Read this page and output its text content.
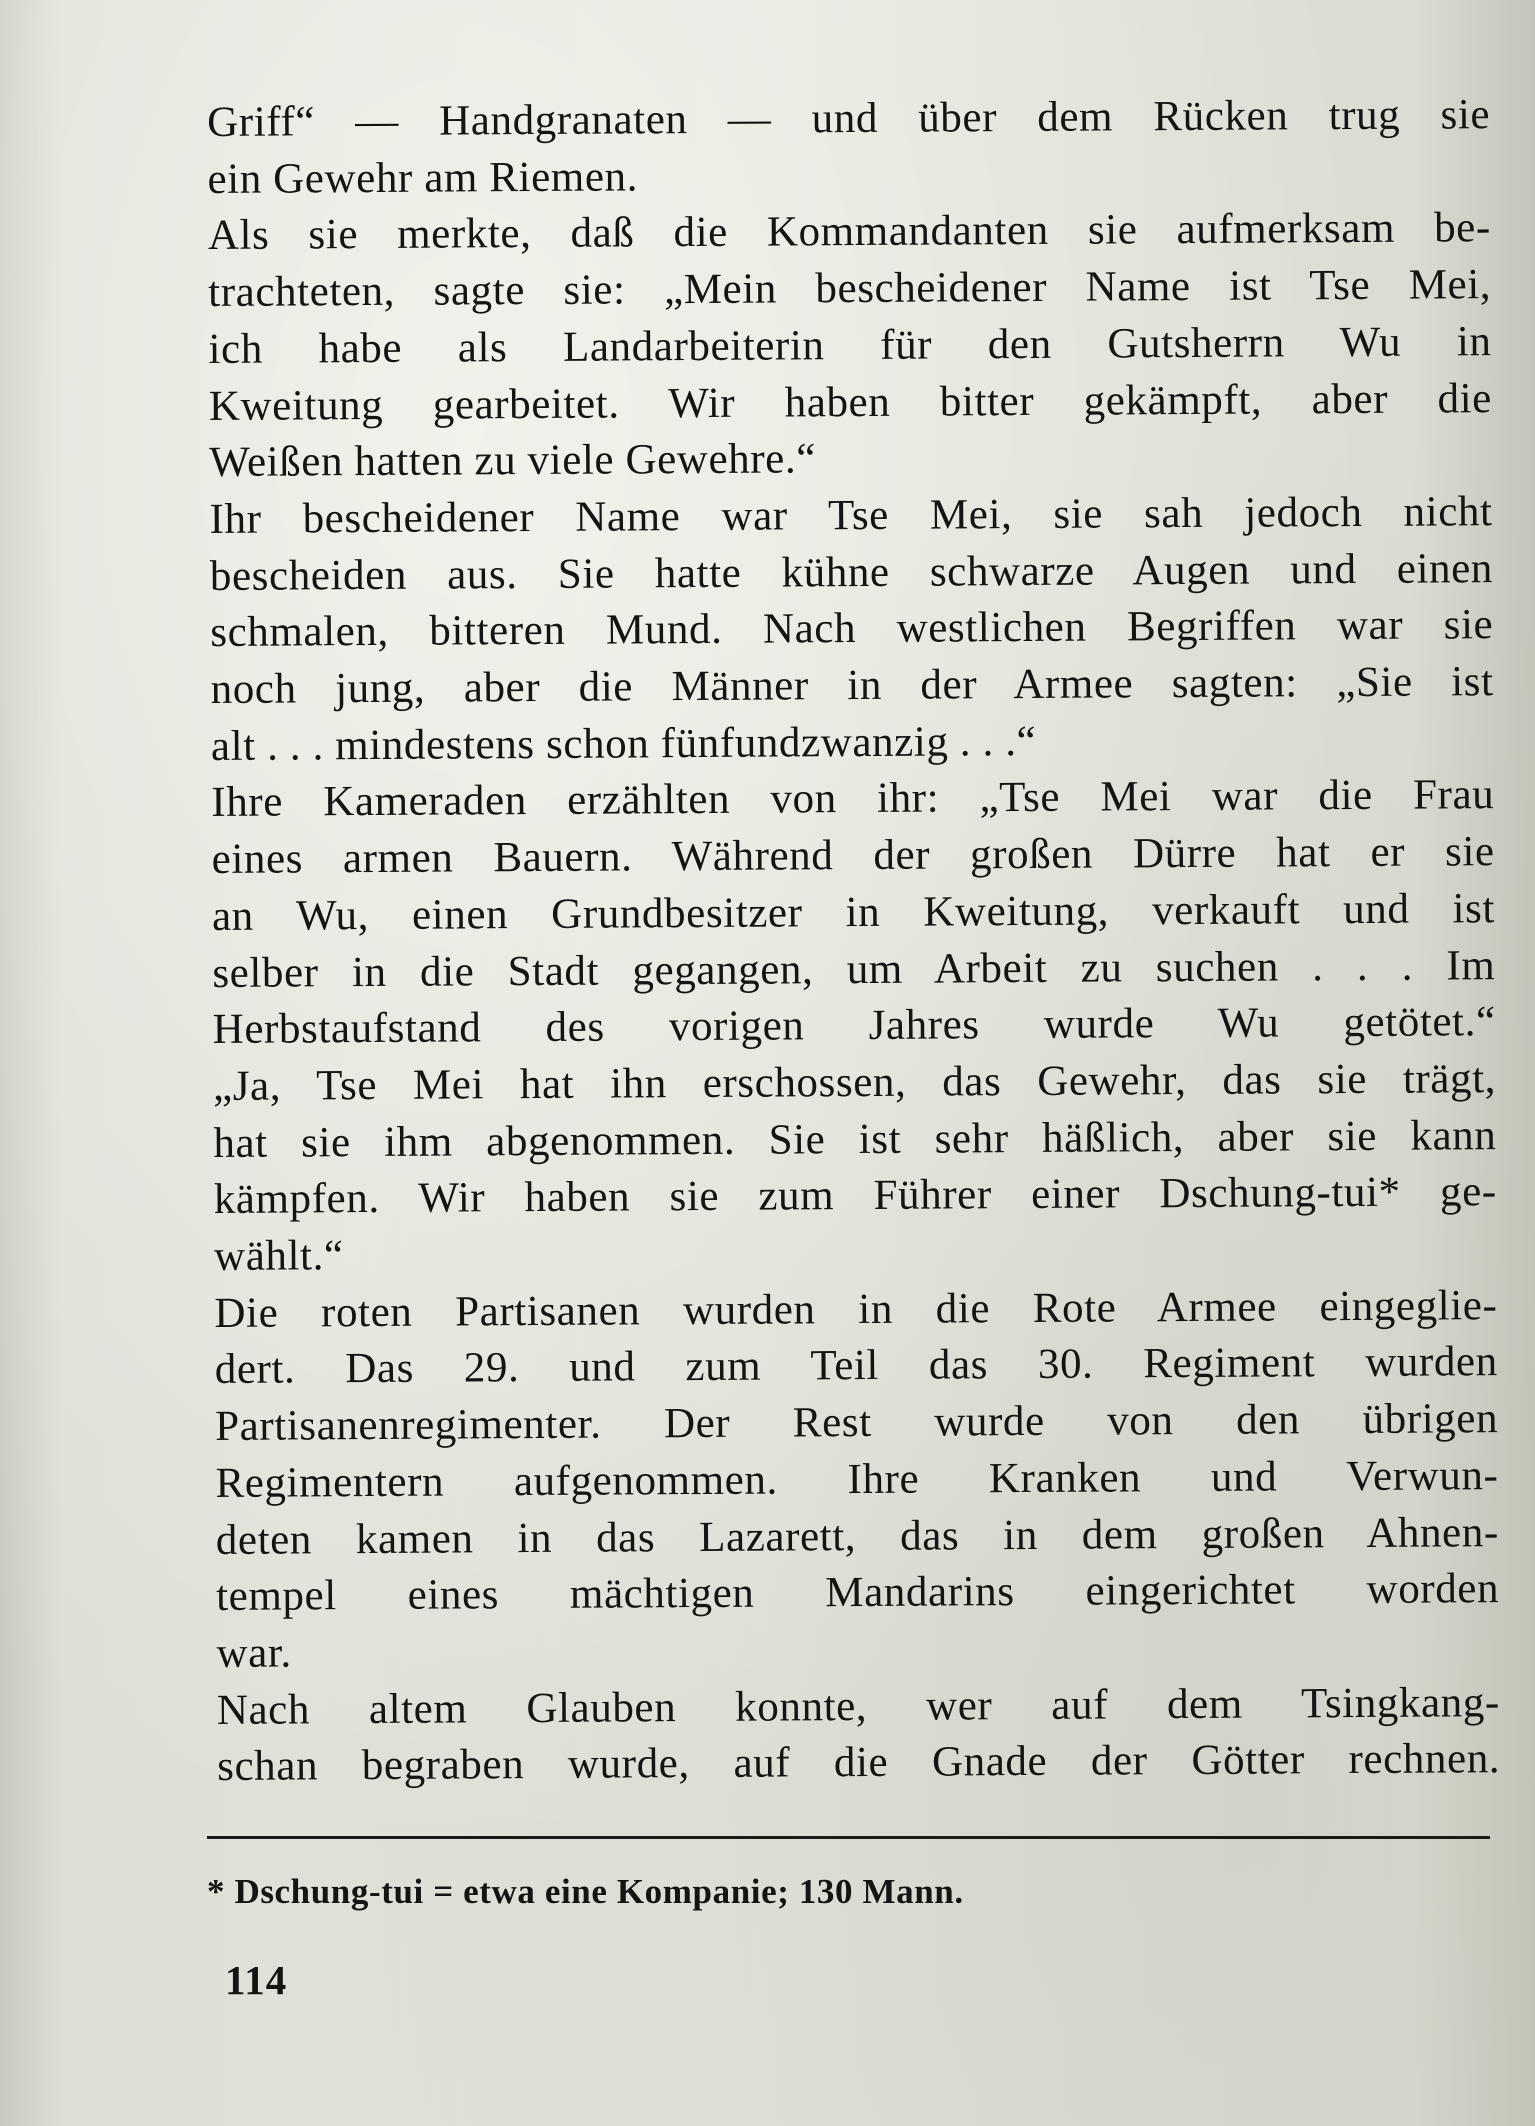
Griff“ — Handgranaten — und über dem Rücken trug sie
ein Gewehr am Riemen.
Als sie merkte, daß die Kommandanten sie aufmerksam be-
trachteten, sagte sie: „Mein bescheidener Name ist Tse Mei,
ich habe als Landarbeiterin für den Gutsherrn Wu in
Kweitung gearbeitet. Wir haben bitter gekämpft, aber die
Weißen hatten zu viele Gewehre.“
Ihr bescheidener Name war Tse Mei, sie sah jedoch nicht
bescheiden aus. Sie hatte kühne schwarze Augen und einen
schmalen, bitteren Mund. Nach westlichen Begriffen war sie
noch jung, aber die Männer in der Armee sagten: „Sie ist
alt . . . mindestens schon fünfundzwanzig . . .“
Ihre Kameraden erzählten von ihr: „Tse Mei war die Frau
eines armen Bauern. Während der großen Dürre hat er sie
an Wu, einen Grundbesitzer in Kweitung, verkauft und ist
selber in die Stadt gegangen, um Arbeit zu suchen . . . Im
Herbstaufstand des vorigen Jahres wurde Wu getötet.“
„Ja, Tse Mei hat ihn erschossen, das Gewehr, das sie trägt,
hat sie ihm abgenommen. Sie ist sehr häßlich, aber sie kann
kämpfen. Wir haben sie zum Führer einer Dschung-tui* ge-
wählt.“
Die roten Partisanen wurden in die Rote Armee eingeglie-
dert. Das 29. und zum Teil das 30. Regiment wurden
Partisanenregimenter. Der Rest wurde von den übrigen
Regimentern aufgenommen. Ihre Kranken und Verwun-
deten kamen in das Lazarett, das in dem großen Ahnen-
tempel eines mächtigen Mandarins eingerichtet worden
war.
Nach altem Glauben konnte, wer auf dem Tsingkang-
schan begraben wurde, auf die Gnade der Götter rechnen.
* Dschung-tui = etwa eine Kompanie; 130 Mann.
114
